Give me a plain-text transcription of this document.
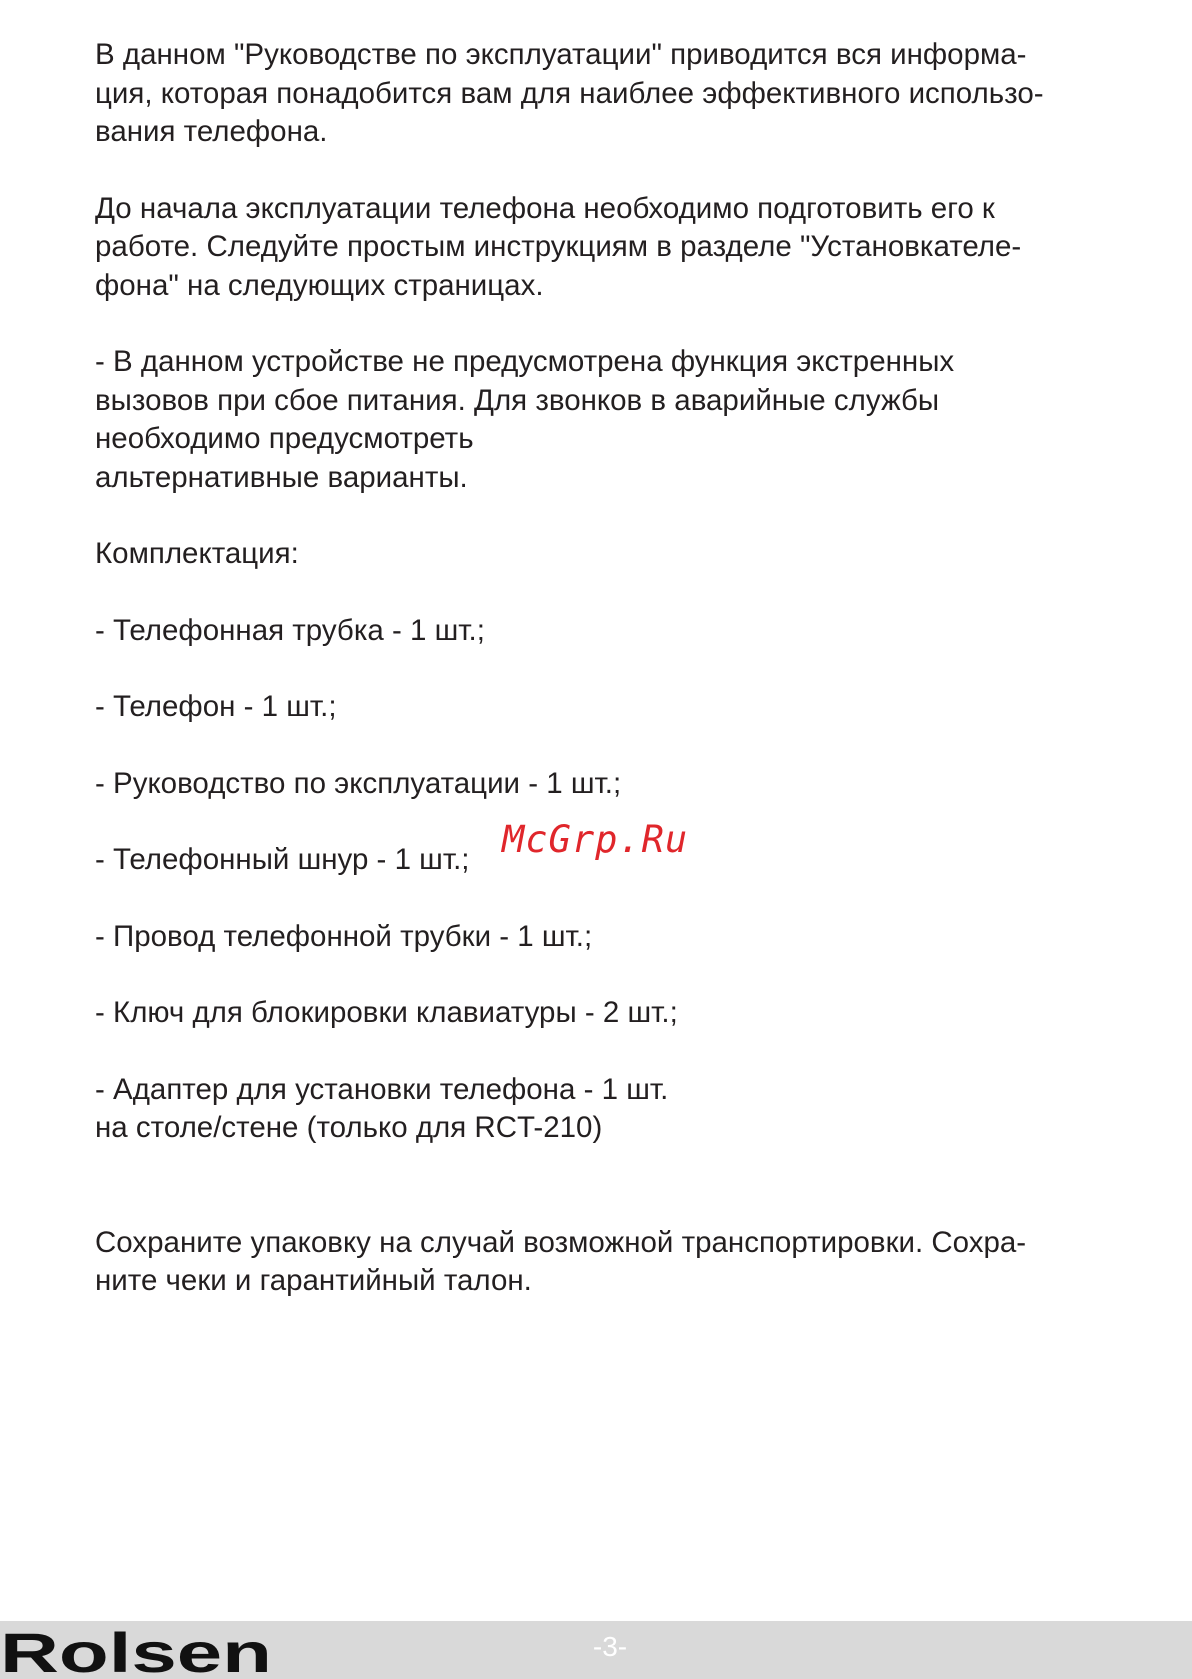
В данном "Руководстве по эксплуатации" приводится вся информа-
ция, которая понадобится вам для наиблее эффективного использо-
вания телефона.

До начала эксплуатации телефона необходимо подготовить его к
работе. Следуйте простым инструкциям в разделе "Установкателе-
фона" на следующих страницах.

- В данном устройстве не предусмотрена функция экстренных
вызовов при сбое питания. Для звонков в аварийные службы
необходимо предусмотреть
альтернативные варианты.

Комплектация:

- Телефонная трубка - 1 шт.;

- Телефон - 1 шт.;

- Руководство по эксплуатации - 1 шт.;

- Телефонный шнур - 1 шт.;

- Провод телефонной трубки - 1 шт.;

- Ключ для блокировки клавиатуры - 2 шт.;

- Адаптер для установки телефона - 1 шт.
на столе/стене (только для RCT-210)

Сохраните упаковку на случай возможной транспортировки. Сохра-
ните чеки и гарантийный талон.

McGrp.Ru
Rolsen	-3-
